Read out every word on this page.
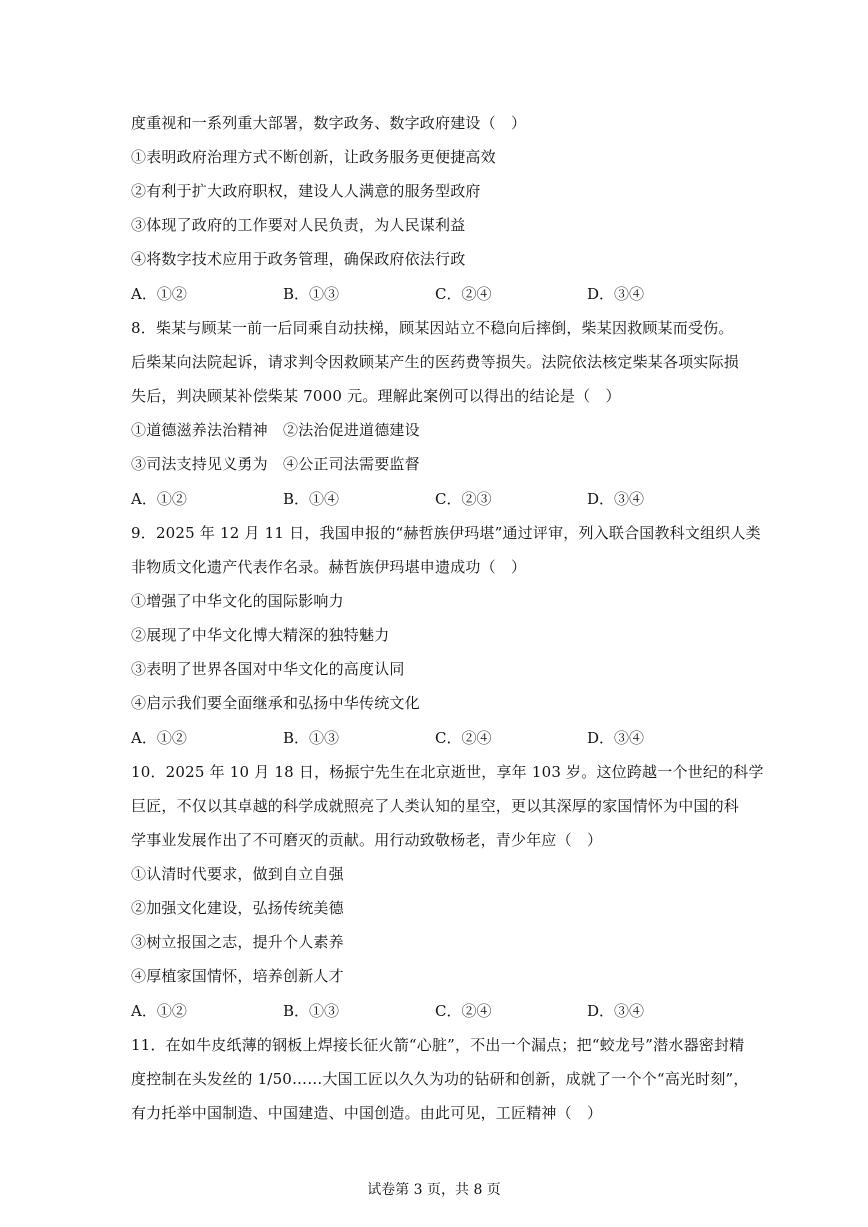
度重视和一系列重大部署，数字政务、数字政府建设（　）
①表明政府治理方式不断创新，让政务服务更便捷高效
②有利于扩大政府职权，建设人人满意的服务型政府
③体现了政府的工作要对人民负责，为人民谋利益
④将数字技术应用于政务管理，确保政府依法行政
A．①②	B．①③	C．②④	D．③④
8．柴某与顾某一前一后同乘自动扶梯，顾某因站立不稳向后摔倒，柴某因救顾某而受伤。
后柴某向法院起诉，请求判令因救顾某产生的医药费等损失。法院依法核定柴某各项实际损
失后，判决顾某补偿柴某 7000 元。理解此案例可以得出的结论是（　）
①道德滋养法治精神　②法治促进道德建设
③司法支持见义勇为　④公正司法需要监督
A．①②	B．①④	C．②③	D．③④
9．2025 年 12 月 11 日，我国申报的“赫哲族伊玛堪”通过评审，列入联合国教科文组织人类
非物质文化遗产代表作名录。赫哲族伊玛堪申遗成功（　）
①增强了中华文化的国际影响力
②展现了中华文化博大精深的独特魅力
③表明了世界各国对中华文化的高度认同
④启示我们要全面继承和弘扬中华传统文化
A．①②	B．①③	C．②④	D．③④
10．2025 年 10 月 18 日，杨振宁先生在北京逝世，享年 103 岁。这位跨越一个世纪的科学
巨匠，不仅以其卓越的科学成就照亮了人类认知的星空，更以其深厚的家国情怀为中国的科
学事业发展作出了不可磨灭的贡献。用行动致敬杨老，青少年应（　）
①认清时代要求，做到自立自强
②加强文化建设，弘扬传统美德
③树立报国之志，提升个人素养
④厚植家国情怀，培养创新人才
A．①②	B．①③	C．②④	D．③④
11．在如牛皮纸薄的钢板上焊接长征火箭“心脏”，不出一个漏点；把“蛟龙号”潜水器密封精
度控制在头发丝的 1/50……大国工匠以久久为功的钻研和创新，成就了一个个“高光时刻”，
有力托举中国制造、中国建造、中国创造。由此可见，工匠精神（　）
试卷第 3 页，共 8 页
